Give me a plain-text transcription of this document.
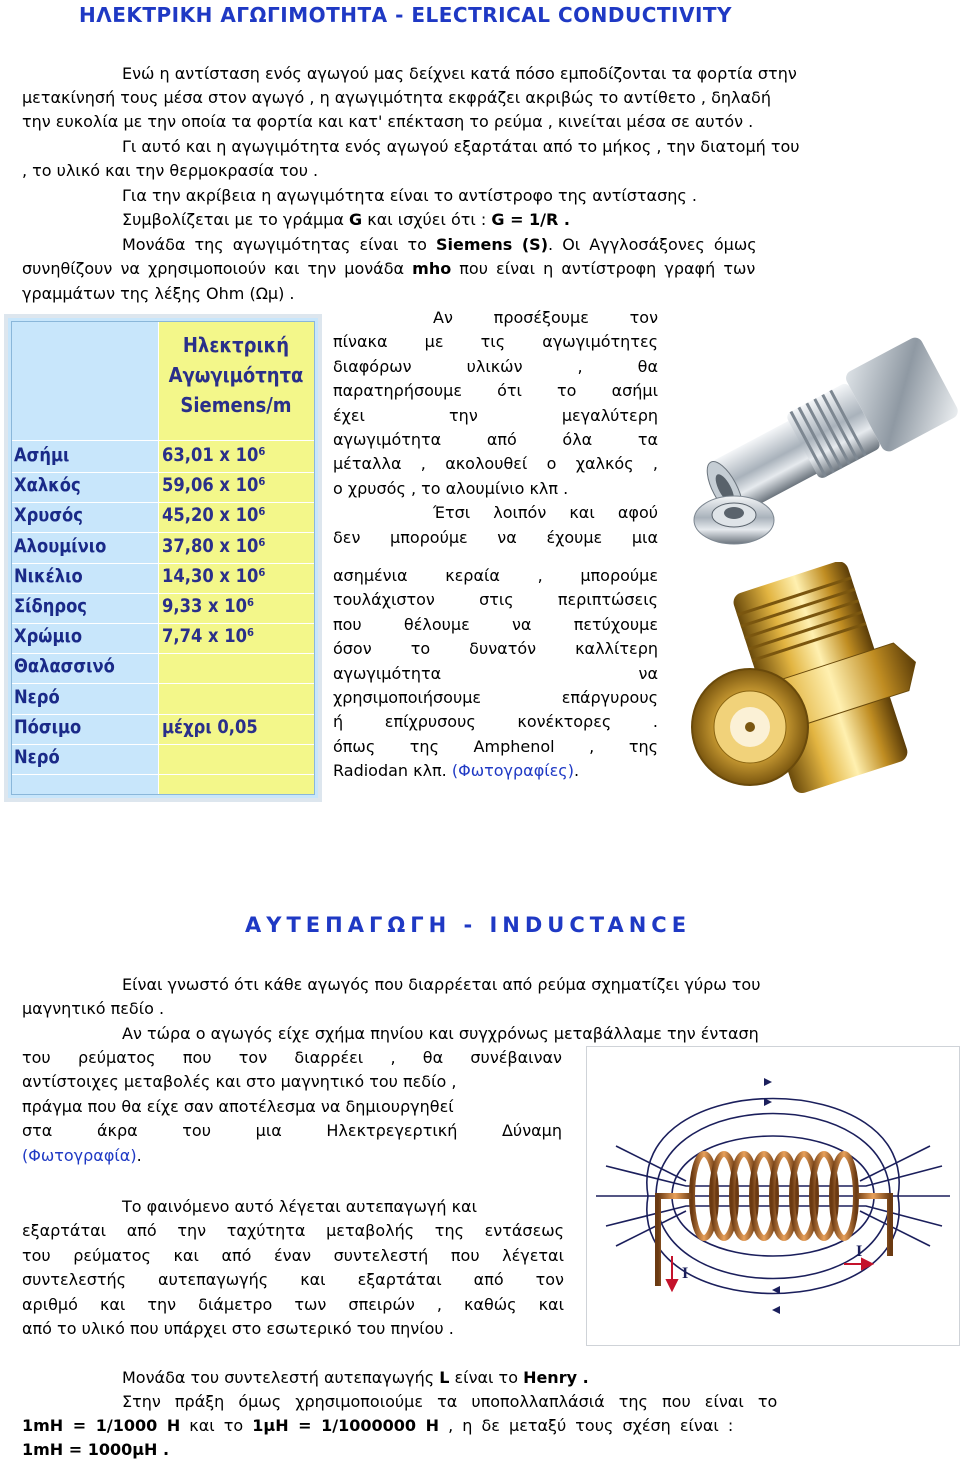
ΗΛΕΚΤΡΙΚΗ ΑΓΩΓΙΜΟΤΗΤΑ - ELECTRICAL CONDUCTIVITY
Ενώ η αντίσταση ενός αγωγού μας δείχνει κατά πόσο εμποδίζονται τα φορτία στην
μετακίνησή τους μέσα στον αγωγό , η αγωγιμότητα εκφράζει ακριβώς το αντίθετο , δηλαδή
την ευκολία με την οποία τα φορτία και κατ' επέκταση το ρεύμα , κινείται μέσα σε αυτόν .
Γι αυτό και η αγωγιμότητα ενός αγωγού εξαρτάται από το μήκος , την διατομή του
, το υλικό και την θερμοκρασία του .
Για την ακρίβεια η αγωγιμότητα είναι το αντίστροφο της αντίστασης .
Συμβολίζεται με το γράμμα G και ισχύει ότι : G = 1/R .
Μονάδα της αγωγιμότητας είναι το Siemens (S). Οι Αγγλοσάξονες όμως
συνηθίζουν να χρησιμοποιούν και την μονάδα mho που είναι η αντίστροφη γραφή των
γραμμάτων της λέξης Ohm (Ωμ) .
Ηλεκτρική
Αγωγιμότητα
Siemens/m
Ασήμι	63,01 x 10⁶
Χαλκός	59,06 x 10⁶
Χρυσός	45,20 x 10⁶
Αλουμίνιο	37,80 x 10⁶
Νικέλιο	14,30 x 10⁶
Σίδηρος	9,33 x 10⁶
Χρώμιο	7,74 x 10⁶
Θαλασσινό
Νερό
Πόσιμο	μέχρι 0,05
Νερό
Αν προσέξουμε τον
πίνακα με τις αγωγιμότητες
διαφόρων υλικών , θα
παρατηρήσουμε ότι το ασήμι
έχει την μεγαλύτερη
αγωγιμότητα από όλα τα
μέταλλα , ακολουθεί ο χαλκός ,
ο χρυσός , το αλουμίνιο κλπ .
Έτσι λοιπόν και αφού
δεν μπορούμε να έχουμε μια
ασημένια κεραία , μπορούμε
τουλάχιστον στις περιπτώσεις
που θέλουμε να πετύχουμε
όσον το δυνατόν καλλίτερη
αγωγιμότητα να
χρησιμοποιήσουμε επάργυρους
ή επίχρυσους κονέκτορες .
όπως της Amphenol , της
Radiodan κλπ. (Φωτογραφίες).
ΑΥΤΕΠΑΓΩΓΗ - INDUCTANCE
Είναι γνωστό ότι κάθε αγωγός που διαρρέεται από ρεύμα σχηματίζει γύρω του
μαγνητικό πεδίο .
Αν τώρα ο αγωγός είχε σχήμα πηνίου και συγχρόνως μεταβάλλαμε την ένταση
του ρεύματος που τον διαρρέει , θα συνέβαιναν
αντίστοιχες μεταβολές και στο μαγνητικό του πεδίο ,
πράγμα που θα είχε σαν αποτέλεσμα να δημιουργηθεί
στα άκρα του μια Ηλεκτρεγερτική Δύναμη
(Φωτογραφία).
Το φαινόμενο αυτό λέγεται αυτεπαγωγή και
εξαρτάται από την ταχύτητα μεταβολής της εντάσεως
του ρεύματος και από έναν συντελεστή που λέγεται
συντελεστής αυτεπαγωγής και εξαρτάται από τον
αριθμό και την διάμετρο των σπειρών , καθώς και
από το υλικό που υπάρχει στο εσωτερικό του πηνίου .
Μονάδα του συντελεστή αυτεπαγωγής L είναι το Henry .
Στην πράξη όμως χρησιμοποιούμε τα υποπολλαπλάσιά της που είναι το
1mH = 1/1000 H και το 1μH = 1/1000000 H , η δε μεταξύ τους σχέση είναι :
1mH = 1000μH .
I
I
